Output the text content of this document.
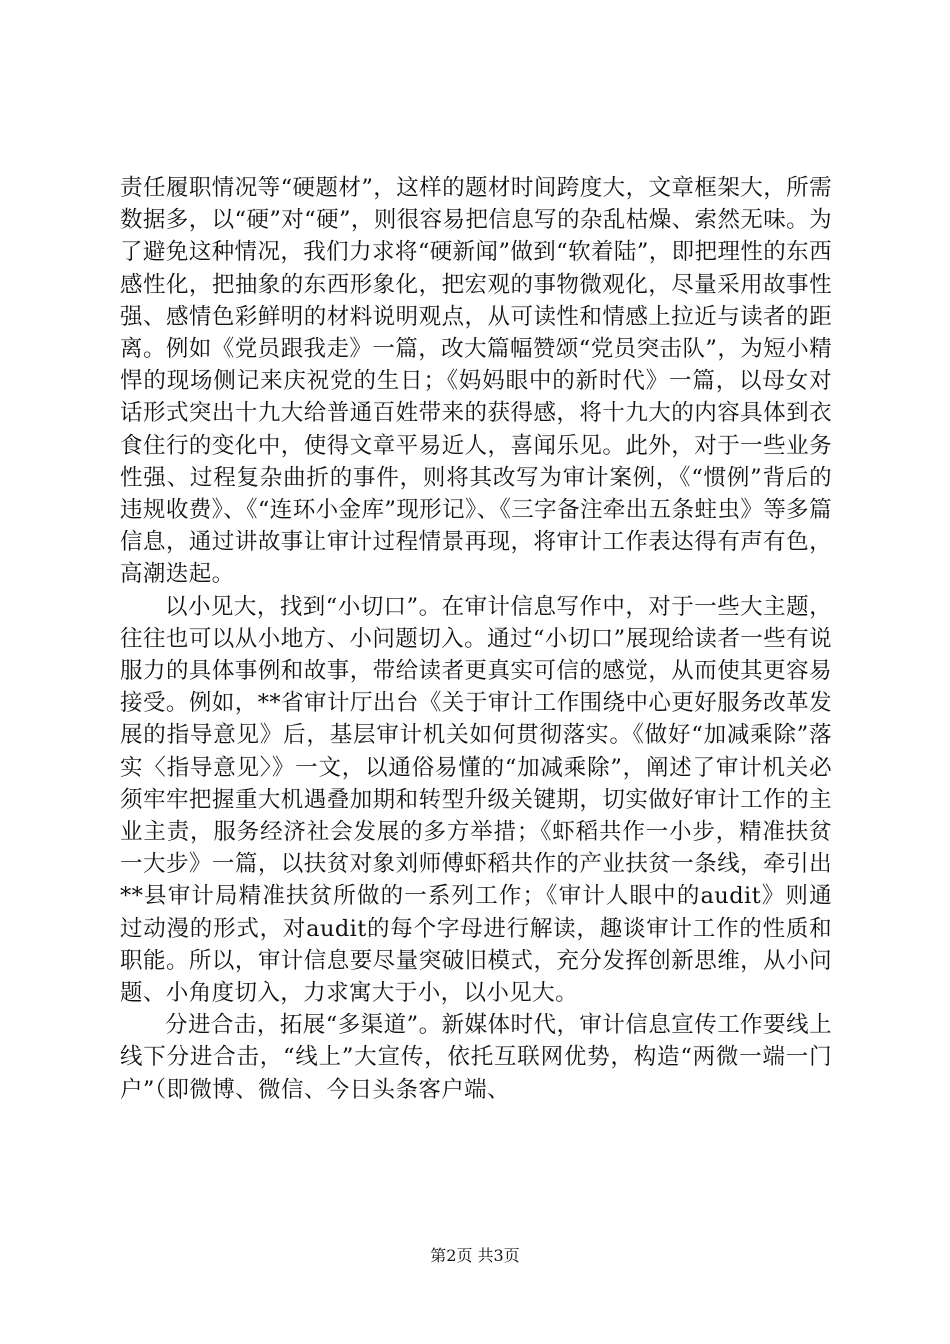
责任履职情况等“硬题材”，这样的题材时间跨度大，文章框架大，所需数据多，以“硬”对“硬”，则很容易把信息写的杂乱枯燥、索然无味。为了避免这种情况，我们力求将“硬新闻”做到“软着陆”，即把理性的东西感性化，把抽象的东西形象化，把宏观的事物微观化，尽量采用故事性强、感情色彩鲜明的材料说明观点，从可读性和情感上拉近与读者的距离。例如《党员跟我走》一篇，改大篇幅赞颂“党员突击队”，为短小精悍的现场侧记来庆祝党的生日；《妈妈眼中的新时代》一篇，以母女对话形式突出十九大给普通百姓带来的获得感，将十九大的内容具体到衣食住行的变化中，使得文章平易近人，喜闻乐见。此外，对于一些业务性强、过程复杂曲折的事件，则将其改写为审计案例，《“惯例”背后的违规收费》、《“连环小金库”现形记》、《三字备注牵出五条蛀虫》等多篇信息，通过讲故事让审计过程情景再现，将审计工作表达得有声有色，高潮迭起。

以小见大，找到“小切口”。在审计信息写作中，对于一些大主题，往往也可以从小地方、小问题切入。通过“小切口”展现给读者一些有说服力的具体事例和故事，带给读者更真实可信的感觉，从而使其更容易接受。例如，**省审计厅出台《关于审计工作围绕中心更好服务改革发展的指导意见》后，基层审计机关如何贯彻落实。《做好“加减乘除”落实〈指导意见〉》一文，以通俗易懂的“加减乘除”，阐述了审计机关必须牢牢把握重大机遇叠加期和转型升级关键期，切实做好审计工作的主业主责，服务经济社会发展的多方举措；《虾稻共作一小步，精准扶贫一大步》一篇，以扶贫对象刘师傅虾稻共作的产业扶贫一条线，牵引出**县审计局精准扶贫所做的一系列工作；《审计人眼中的audit》则通过动漫的形式，对audit的每个字母进行解读，趣谈审计工作的性质和职能。所以，审计信息要尽量突破旧模式，充分发挥创新思维，从小问题、小角度切入，力求寓大于小，以小见大。

分进合击，拓展“多渠道”。新媒体时代，审计信息宣传工作要线上线下分进合击，“线上”大宣传，依托互联网优势，构造“两微一端一门户”（即微博、微信、今日头条客户端、

第2页 共3页
